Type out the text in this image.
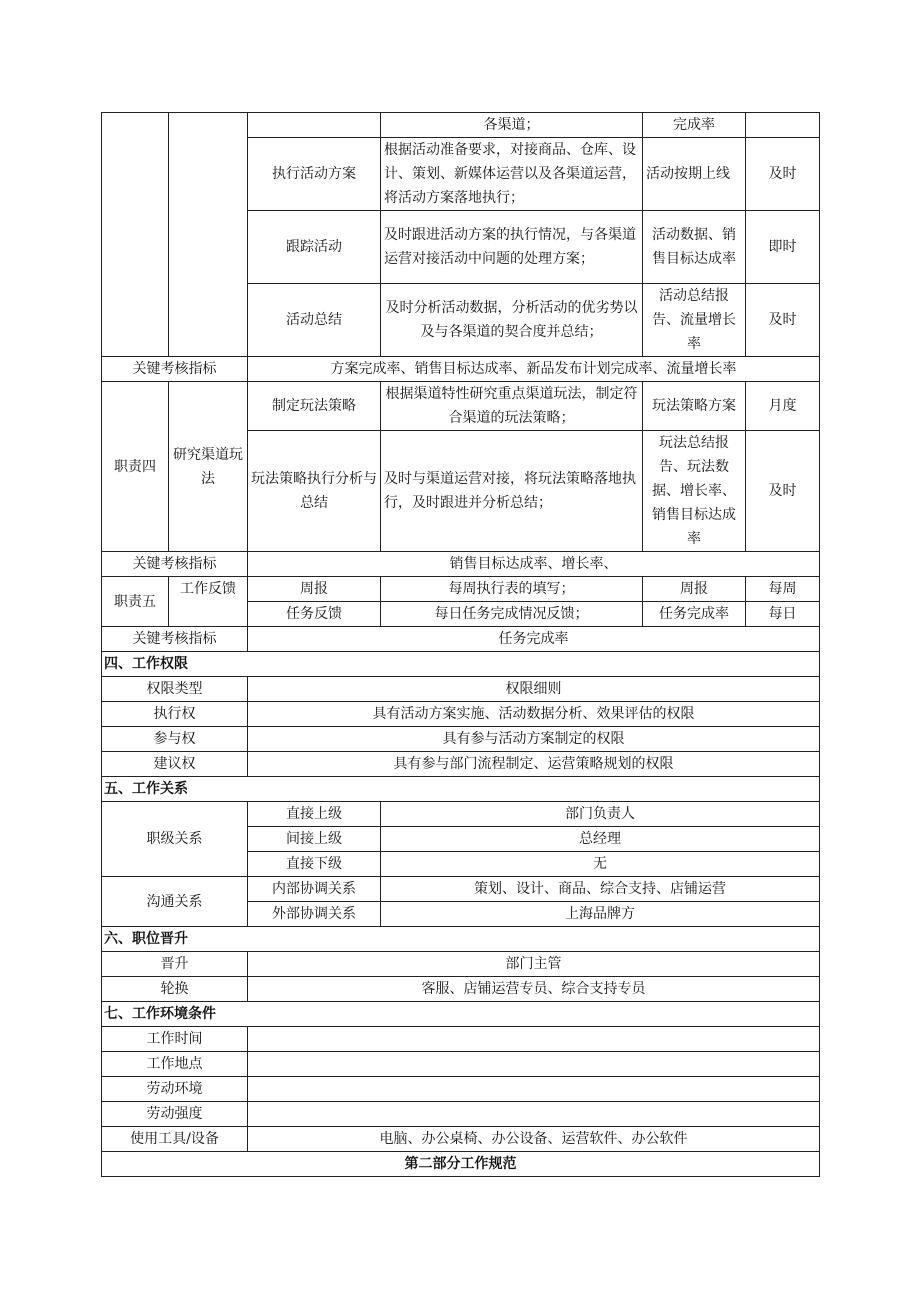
			各渠道；	完成率	
		执行活动方案	根据活动准备要求，对接商品、仓库、设计、策划、新媒体运营以及各渠道运营，将活动方案落地执行；	活动按期上线	及时
		跟踪活动	及时跟进活动方案的执行情况，与各渠道运营对接活动中问题的处理方案；	活动数据、销售目标达成率	即时
		活动总结	及时分析活动数据，分析活动的优劣势以及与各渠道的契合度并总结；	活动总结报告、流量增长率	及时
关键考核指标		方案完成率、销售目标达成率、新品发布计划完成率、流量增长率			
职责四	研究渠道玩法	制定玩法策略	根据渠道特性研究重点渠道玩法，制定符合渠道的玩法策略；	玩法策略方案	月度
		玩法策略执行分析与总结	及时与渠道运营对接，将玩法策略落地执行，及时跟进并分析总结；	玩法总结报告、玩法数据、增长率、销售目标达成率	及时
关键考核指标		销售目标达成率、增长率、			
职责五	工作反馈	周报	每周执行表的填写；	周报	每周
		任务反馈	每日任务完成情况反馈；	任务完成率	每日
关键考核指标		任务完成率			
四、工作权限					
权限类型		权限细则			
执行权		具有活动方案实施、活动数据分析、效果评估的权限			
参与权		具有参与活动方案制定的权限			
建议权		具有参与部门流程制定、运营策略规划的权限			
五、工作关系					
职级关系		直接上级	部门负责人		
		间接上级	总经理		
		直接下级	无		
沟通关系		内部协调关系	策划、设计、商品、综合支持、店铺运营		
		外部协调关系	上海品牌方		
六、职位晋升					
晋升		部门主管			
轮换		客服、店铺运营专员、综合支持专员			
七、工作环境条件					
工作时间					
工作地点					
劳动环境					
劳动强度					
使用工具/设备		电脑、办公桌椅、办公设备、运营软件、办公软件			
第二部分工作规范					
